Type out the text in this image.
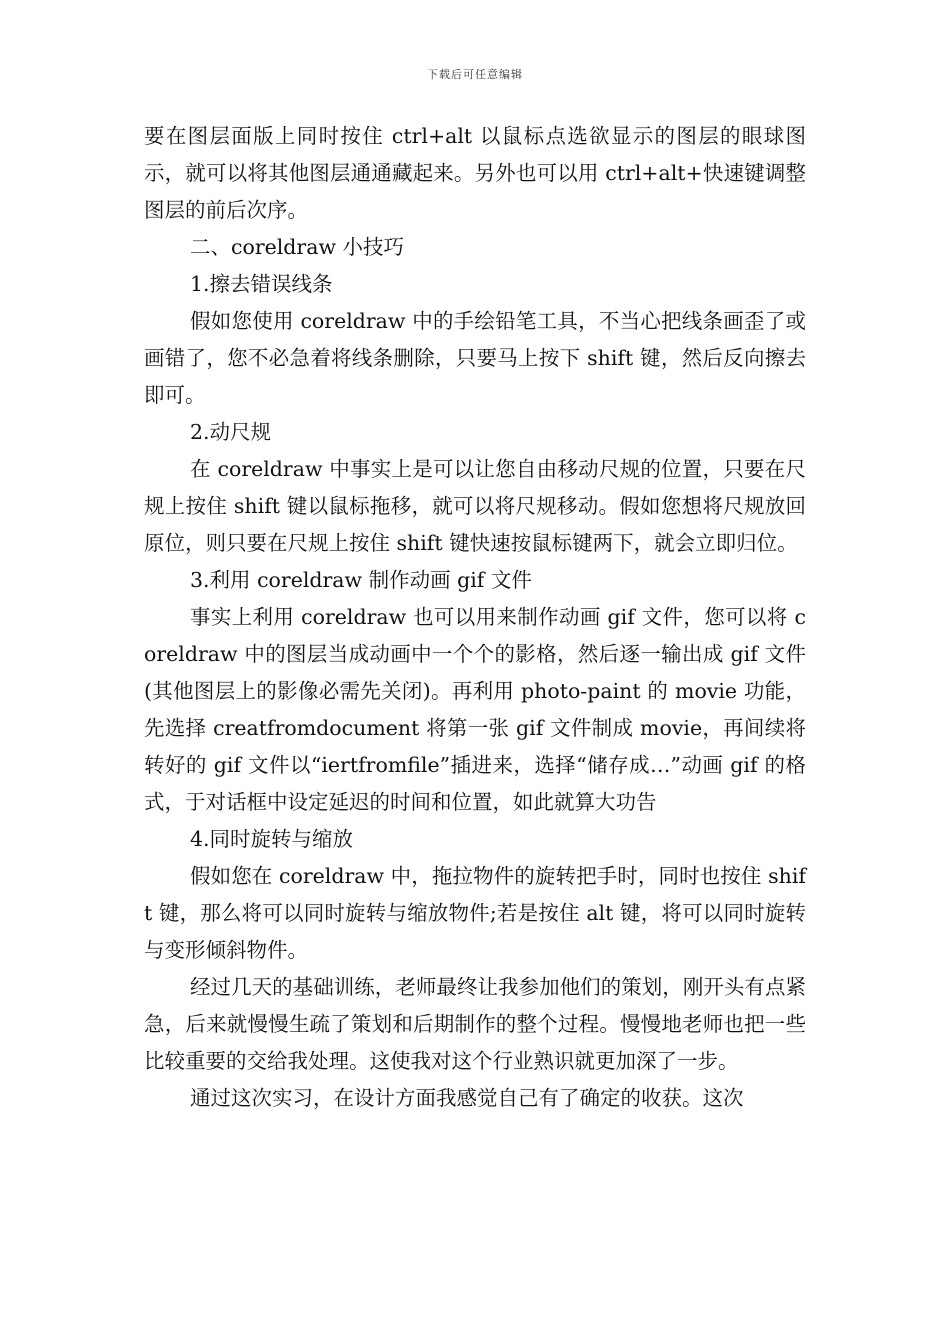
下载后可任意编辑

要在图层面版上同时按住 ctrl+alt 以鼠标点选欲显示的图层的眼球图示，就可以将其他图层通通藏起来。另外也可以用 ctrl+alt+快速键调整图层的前后次序。

二、coreldraw 小技巧

1.擦去错误线条

假如您使用 coreldraw 中的手绘铅笔工具，不当心把线条画歪了或画错了，您不必急着将线条删除，只要马上按下 shift 键，然后反向擦去即可。

2.动尺规

在 coreldraw 中事实上是可以让您自由移动尺规的位置，只要在尺规上按住 shift 键以鼠标拖移，就可以将尺规移动。假如您想将尺规放回原位，则只要在尺规上按住 shift 键快速按鼠标键两下，就会立即归位。

3.利用 coreldraw 制作动画 gif 文件

事实上利用 coreldraw 也可以用来制作动画 gif 文件，您可以将 coreldraw 中的图层当成动画中一个个的影格，然后逐一输出成 gif 文件(其他图层上的影像必需先关闭)。再利用 photo-paint 的 movie 功能，先选择 creatfromdocument 将第一张 gif 文件制成 movie，再间续将转好的 gif 文件以“iertfromfile”插进来，选择“储存成…”动画 gif 的格式，于对话框中设定延迟的时间和位置，如此就算大功告

4.同时旋转与缩放

假如您在 coreldraw 中，拖拉物件的旋转把手时，同时也按住 shift 键，那么将可以同时旋转与缩放物件;若是按住 alt 键，将可以同时旋转与变形倾斜物件。

经过几天的基础训练，老师最终让我参加他们的策划，刚开头有点紧急，后来就慢慢生疏了策划和后期制作的整个过程。慢慢地老师也把一些比较重要的交给我处理。这使我对这个行业熟识就更加深了一步。

通过这次实习，在设计方面我感觉自己有了确定的收获。这次
